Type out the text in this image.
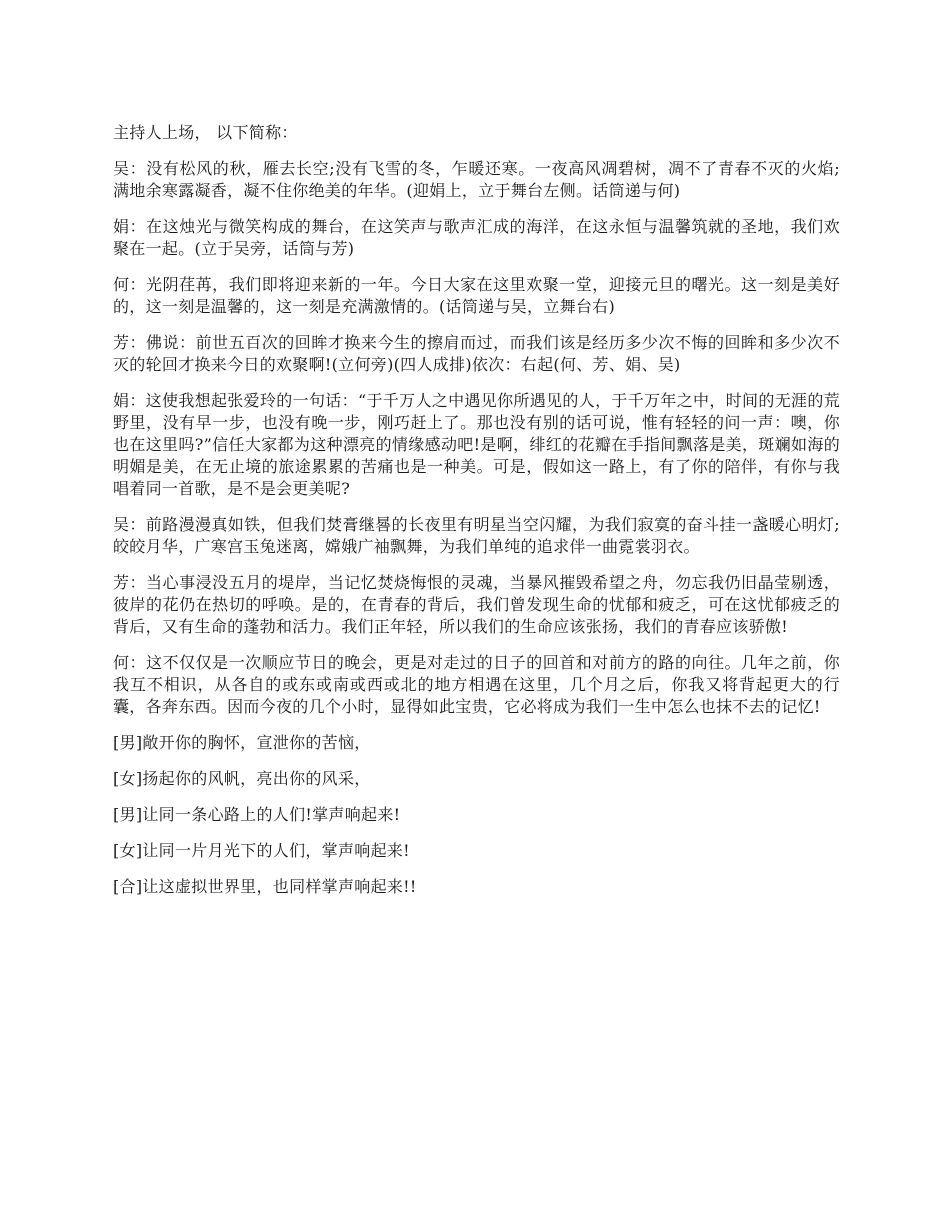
主持人上场， 以下简称：

吴：没有松风的秋，雁去长空;没有飞雪的冬，乍暖还寒。一夜高风凋碧树，凋不了青春不灭的火焰;满地余寒露凝香，凝不住你绝美的年华。(迎娟上，立于舞台左侧。话筒递与何)

娟：在这烛光与微笑构成的舞台，在这笑声与歌声汇成的海洋，在这永恒与温馨筑就的圣地，我们欢聚在一起。(立于吴旁，话筒与芳)

何：光阴荏苒，我们即将迎来新的一年。今日大家在这里欢聚一堂，迎接元旦的曙光。这一刻是美好的，这一刻是温馨的，这一刻是充满激情的。(话筒递与吴，立舞台右)

芳：佛说：前世五百次的回眸才换来今生的擦肩而过，而我们该是经历多少次不悔的回眸和多少次不灭的轮回才换来今日的欢聚啊!(立何旁)(四人成排)依次：右起(何、芳、娟、吴)

娟：这使我想起张爱玲的一句话：“于千万人之中遇见你所遇见的人，于千万年之中，时间的无涯的荒野里，没有早一步，也没有晚一步，刚巧赶上了。那也没有别的话可说，惟有轻轻的问一声：噢，你也在这里吗?”信任大家都为这种漂亮的情缘感动吧!是啊，绯红的花瓣在手指间飘落是美，斑斓如海的明媚是美，在无止境的旅途累累的苦痛也是一种美。可是，假如这一路上，有了你的陪伴，有你与我唱着同一首歌，是不是会更美呢?

吴：前路漫漫真如铁，但我们焚膏继晷的长夜里有明星当空闪耀，为我们寂寞的奋斗挂一盏暖心明灯;皎皎月华，广寒宫玉兔迷离，嫦娥广袖飘舞，为我们单纯的追求伴一曲霓裳羽衣。

芳：当心事浸没五月的堤岸，当记忆焚烧悔恨的灵魂，当暴风摧毁希望之舟，勿忘我仍旧晶莹剔透，彼岸的花仍在热切的呼唤。是的，在青春的背后，我们曾发现生命的忧郁和疲乏，可在这忧郁疲乏的背后，又有生命的蓬勃和活力。我们正年轻，所以我们的生命应该张扬，我们的青春应该骄傲!

何：这不仅仅是一次顺应节日的晚会，更是对走过的日子的回首和对前方的路的向往。几年之前，你我互不相识，从各自的或东或南或西或北的地方相遇在这里，几个月之后，你我又将背起更大的行囊，各奔东西。因而今夜的几个小时，显得如此宝贵，它必将成为我们一生中怎么也抹不去的记忆!

[男]敞开你的胸怀，宣泄你的苦恼，

[女]扬起你的风帆，亮出你的风采，

[男]让同一条心路上的人们!掌声响起来!

[女]让同一片月光下的人们，掌声响起来!

[合]让这虚拟世界里，也同样掌声响起来!!
